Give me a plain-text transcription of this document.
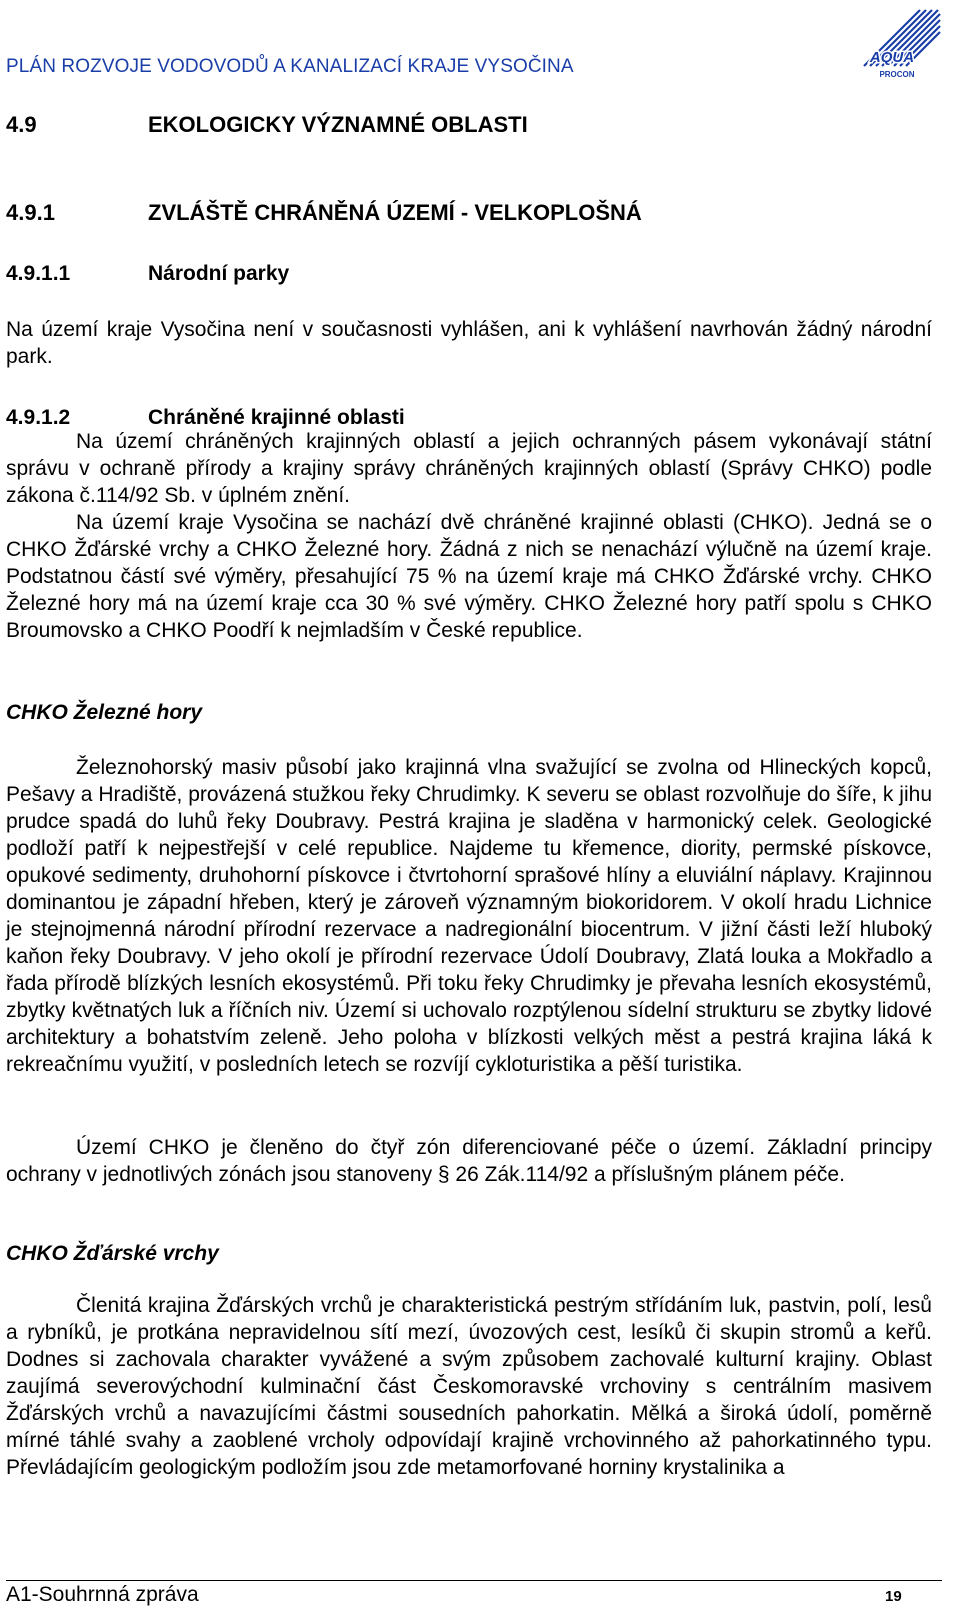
PLÁN ROZVOJE VODOVODŮ A KANALIZACÍ KRAJE VYSOČINA	AQUA
PROCON
4.9	EKOLOGICKY VÝZNAMNÉ OBLASTI
4.9.1	ZVLÁŠTĚ CHRÁNĚNÁ ÚZEMÍ - VELKOPLOŠNÁ
4.9.1.1	Národní parky

Na území kraje Vysočina není v současnosti vyhlášen, ani k vyhlášení navrhován žádný národní park.

4.9.1.2	Chráněné krajinné oblasti

Na území chráněných krajinných oblastí a jejich ochranných pásem vykonávají státní správu v ochraně přírody a krajiny správy chráněných krajinných oblastí (Správy CHKO) podle zákona č.114/92 Sb. v úplném znění.

Na území kraje Vysočina se nachází dvě chráněné krajinné oblasti (CHKO). Jedná se o CHKO Žďárské vrchy a CHKO Železné hory. Žádná z nich se nenachází výlučně na území kraje. Podstatnou částí své výměry, přesahující 75 % na území kraje má CHKO Žďárské vrchy. CHKO Železné hory má na území kraje cca 30 % své výměry. CHKO Železné hory patří spolu s CHKO Broumovsko a CHKO Poodří k nejmladším v České republice.

CHKO Železné hory

Železnohorský masiv působí jako krajinná vlna svažující se zvolna od Hlineckých kopců, Pešavy a Hradiště, provázená stužkou řeky Chrudimky. K severu se oblast rozvolňuje do šíře, k jihu prudce spadá do luhů řeky Doubravy. Pestrá krajina je sladěna v harmonický celek. Geologické podloží patří k nejpestřejší v celé republice. Najdeme tu křemence, diority, permské pískovce, opukové sedimenty, druhohorní pískovce i čtvrtohorní sprašové hlíny a eluviální náplavy. Krajinnou dominantou je západní hřeben, který je zároveň významným biokoridorem. V okolí hradu Lichnice je stejnojmenná národní přírodní rezervace a nadregionální biocentrum. V jižní části leží hluboký kaňon řeky Doubravy. V jeho okolí je přírodní rezervace Údolí Doubravy, Zlatá louka a Mokřadlo a řada přírodě blízkých lesních ekosystémů. Při toku řeky Chrudimky je převaha lesních ekosystémů, zbytky květnatých luk a říčních niv. Území si uchovalo rozptýlenou sídelní strukturu se zbytky lidové architektury a bohatstvím zeleně. Jeho poloha v blízkosti velkých měst a pestrá krajina láká k rekreačnímu využití, v posledních letech se rozvíjí cykloturistika a pěší turistika.

Území CHKO je členěno do čtyř zón diferenciované péče o území. Základní principy ochrany v jednotlivých zónách jsou stanoveny § 26 Zák.114/92 a příslušným plánem péče.

CHKO Žďárské vrchy

Členitá krajina Žďárských vrchů je charakteristická pestrým střídáním luk, pastvin, polí, lesů a rybníků, je protkána nepravidelnou sítí mezí, úvozových cest, lesíků či skupin stromů a keřů. Dodnes si zachovala charakter vyvážené a svým způsobem zachovalé kulturní krajiny. Oblast zaujímá severovýchodní kulminační část Českomoravské vrchoviny s centrálním masivem Žďárských vrchů a navazujícími částmi sousedních pahorkatin. Mělká a široká údolí, poměrně mírné táhlé svahy a zaoblené vrcholy odpovídají krajině vrchovinného až pahorkatinného typu. Převládajícím geologickým podložím jsou zde metamorfované horniny krystalinika a

A1-Souhrnná zpráva	19
